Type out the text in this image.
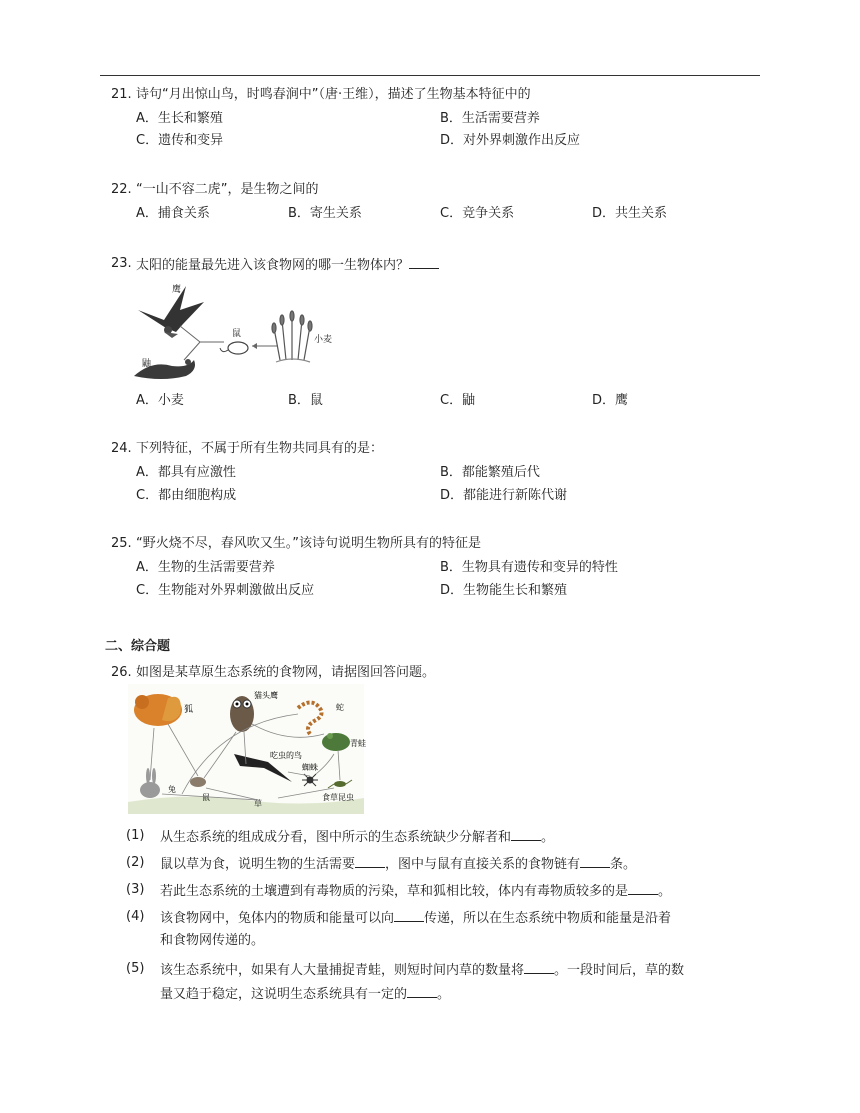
21. 诗句“月出惊山鸟，时鸣春涧中”（唐·王维），描述了生物基本特征中的
A．生长和繁殖	B．生活需要营养
C．遗传和变异	D．对外界刺激作出反应
22. “一山不容二虎”，是生物之间的
A．捕食关系	B．寄生关系	C．竞争关系	D．共生关系
23. 太阳的能量最先进入该食物网的哪一生物体内？
鹰
鼬
鼠
小麦
A．小麦	B．鼠	C．鼬	D．鹰
24. 下列特征，不属于所有生物共同具有的是：
A．都具有应激性	B．都能繁殖后代
C．都由细胞构成	D．都能进行新陈代谢
25. “野火烧不尽，春风吹又生。”该诗句说明生物所具有的特征是
A．生物的生活需要营养	B．生物具有遗传和变异的特性
C．生物能对外界刺激做出反应	D．生物能生长和繁殖
二、综合题
26. 如图是某草原生态系统的食物网，请据图回答问题。
狐
猫头鹰
蛇
青蛙
吃虫的鸟
蜘蛛
食草昆虫
兔
鼠
草
(1) 从生态系统的组成成分看，图中所示的生态系统缺少分解者和 。
(2) 鼠以草为食，说明生物的生活需要 ，图中与鼠有直接关系的食物链有 条。
(3) 若此生态系统的土壤遭到有毒物质的污染，草和狐相比较，体内有毒物质较多的是 。
(4) 该食物网中，兔体内的物质和能量可以向 传递，所以在生态系统中物质和能量是沿着
和食物网传递的。
(5) 该生态系统中，如果有人大量捕捉青蛙，则短时间内草的数量将 。一段时间后，草的数
量又趋于稳定，这说明生态系统具有一定的 。
